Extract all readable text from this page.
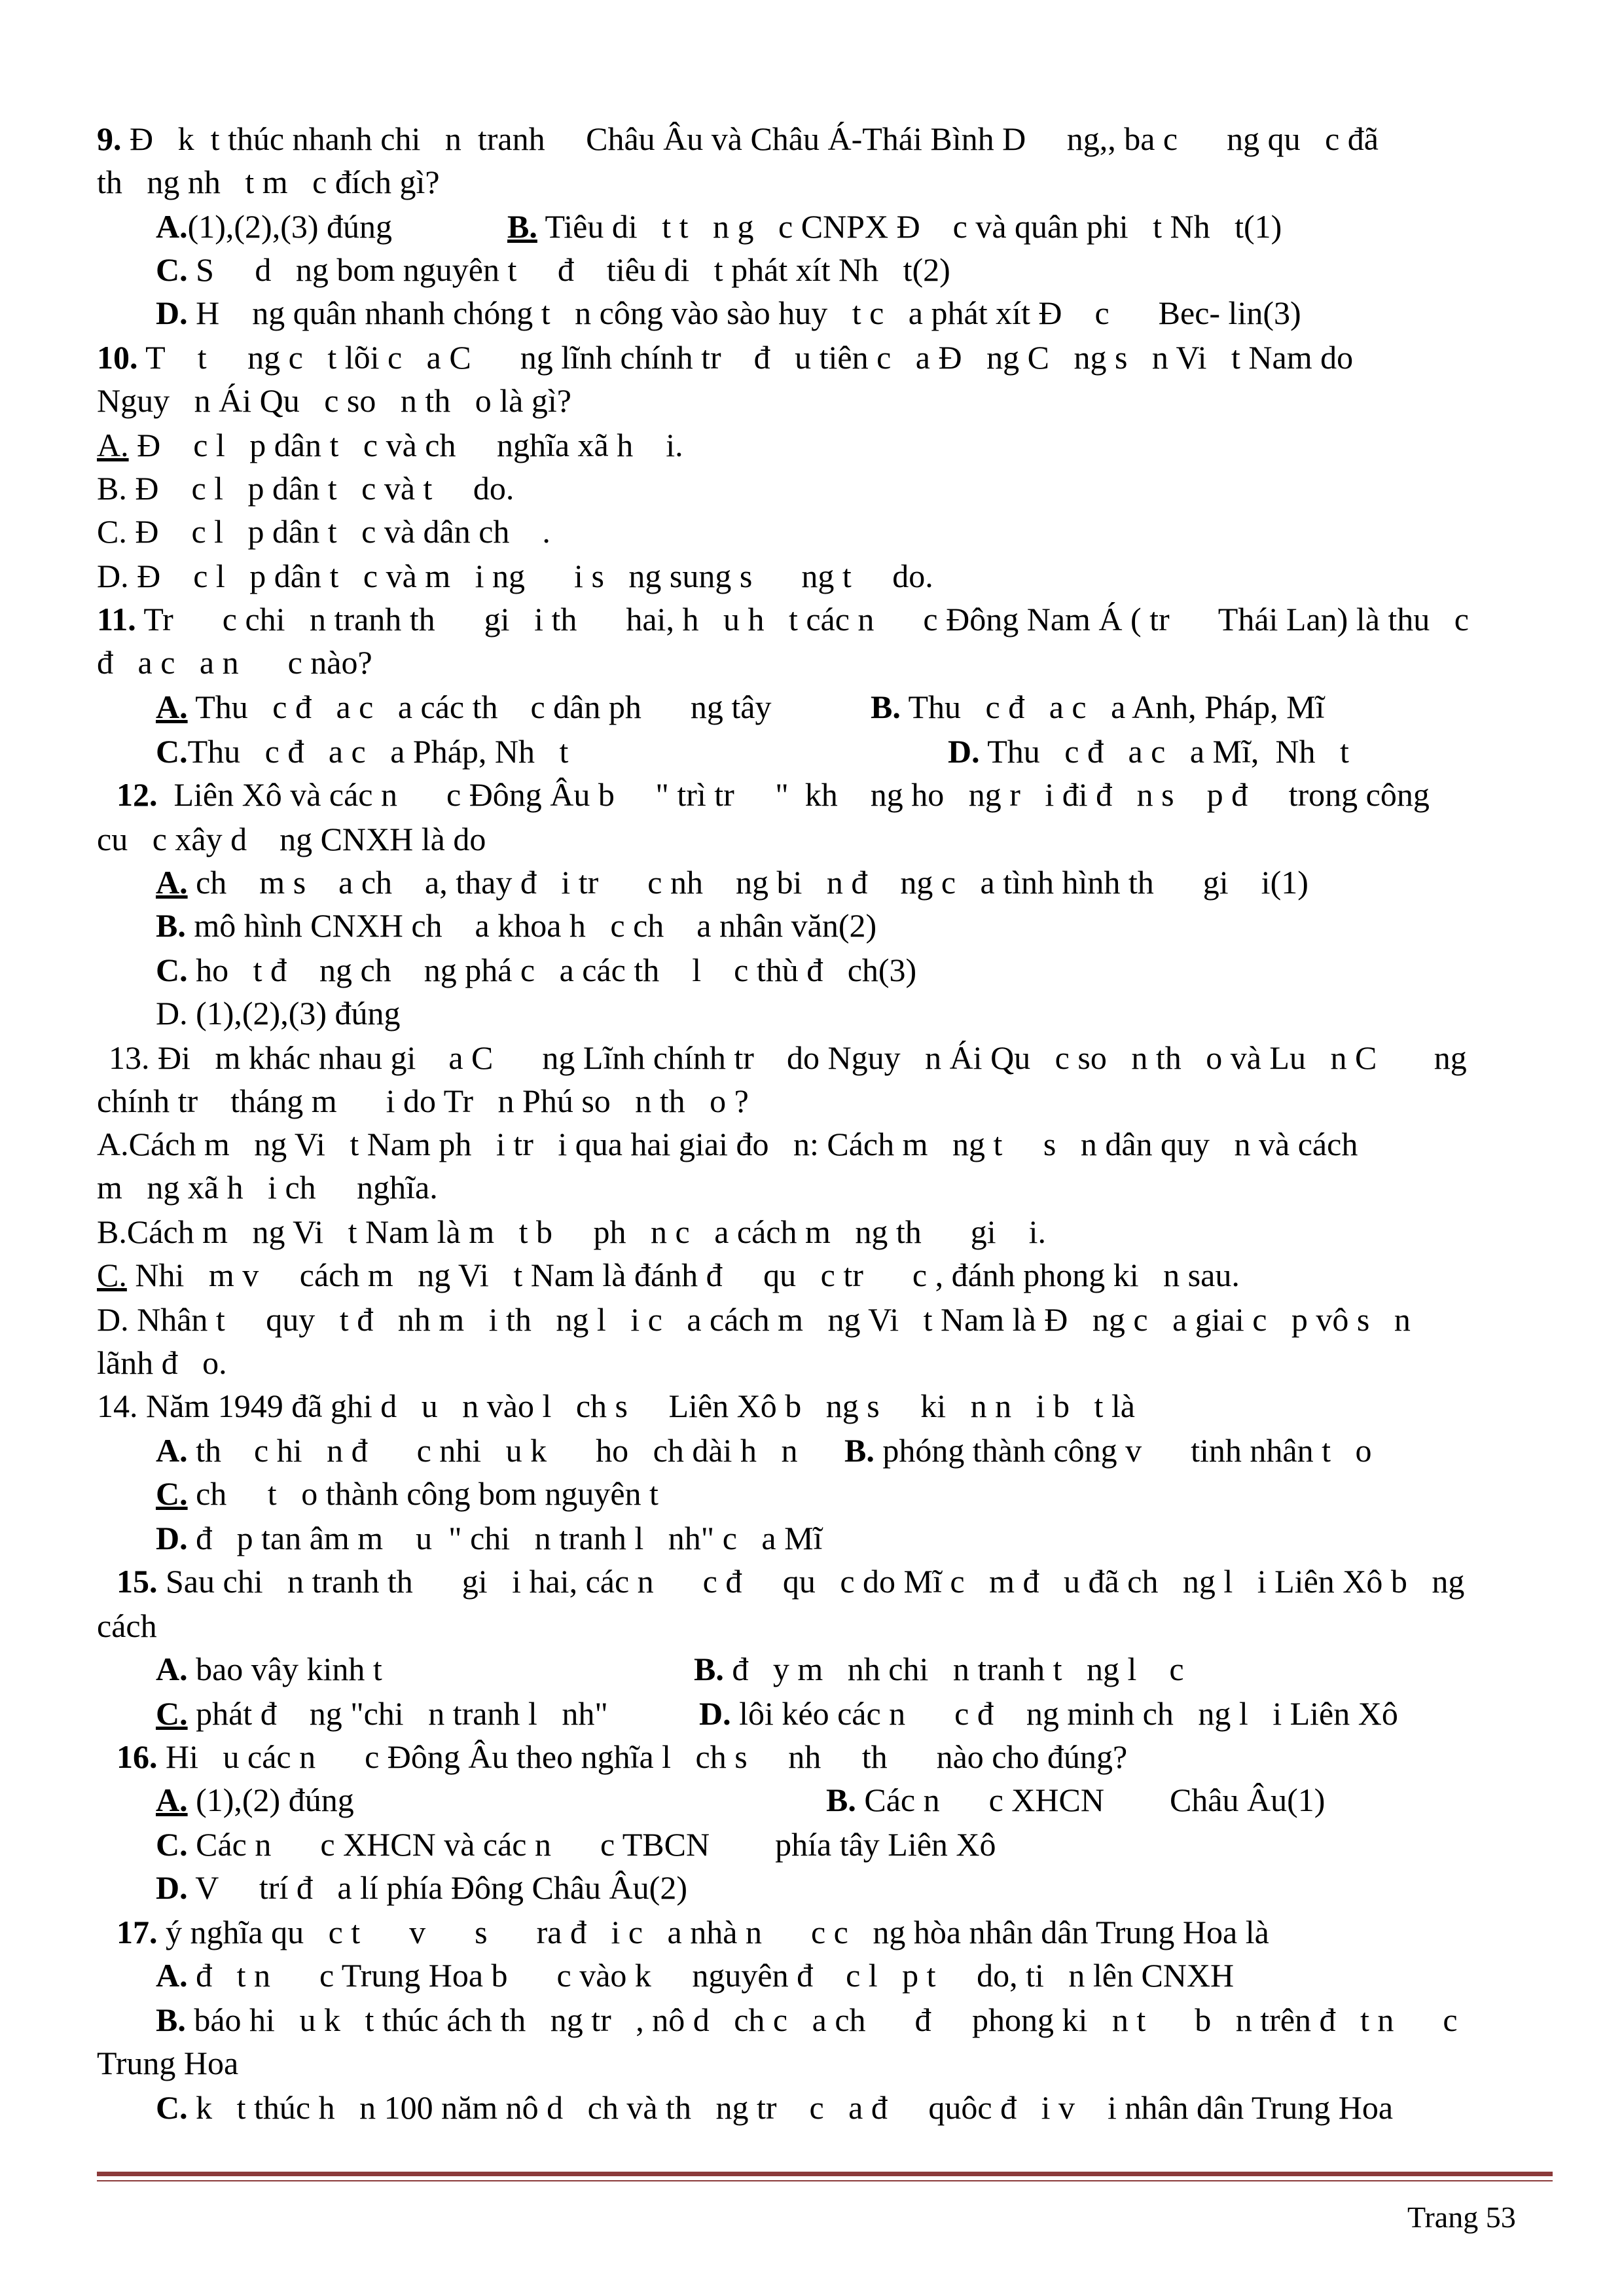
9. Đ   k  t thúc nhanh chi   n  tranh     Châu Âu và Châu Á-Thái Bình D     ng,, ba c      ng qu   c đã
th   ng nh   t m   c đích gì?
A.(1),(2),(3) đúng	B. Tiêu di   t t   n g   c CNPX Đ    c và quân phi   t Nh   t(1)
C. S     d   ng bom nguyên t     đ    tiêu di   t phát xít Nh   t(2)
D. H    ng quân nhanh chóng t   n công vào sào huy   t c   a phát xít Đ    c      Bec- lin(3)
10. T    t     ng c   t lõi c   a C      ng lĩnh chính tr    đ   u tiên c   a Đ   ng C   ng s   n Vi   t Nam do
Nguy   n Ái Qu   c so   n th   o là gì?
A. Đ    c l   p dân t   c và ch     nghĩa xã h    i.
B. Đ    c l   p dân t   c và t     do.
C. Đ    c l   p dân t   c và dân ch    .
D. Đ    c l   p dân t   c và m   i ng      i s   ng sung s      ng t     do.
11. Tr      c chi   n tranh th      gi   i th      hai, h   u h   t các n      c Đông Nam Á ( tr      Thái Lan) là thu   c
đ   a c   a n      c nào?
A. Thu   c đ   a c   a các th    c dân ph      ng tây	B. Thu   c đ   a c   a Anh, Pháp, Mĩ
C.Thu   c đ   a c   a Pháp, Nh   t	D. Thu   c đ   a c   a Mĩ,  Nh   t
12.  Liên Xô và các n      c Đông Âu b     " trì tr     "  kh    ng ho   ng r   i đi đ   n s    p đ     trong công
cu   c xây d    ng CNXH là do
A. ch    m s    a ch    a, thay đ   i tr      c nh    ng bi   n đ    ng c   a tình hình th      gi    i(1)
B. mô hình CNXH ch    a khoa h   c ch    a nhân văn(2)
C. ho   t đ    ng ch    ng phá c   a các th    l    c thù đ   ch(3)
D. (1),(2),(3) đúng
13. Đi   m khác nhau gi    a C      ng Lĩnh chính tr    do Nguy   n Ái Qu   c so   n th   o và Lu   n C       ng
chính tr    tháng m      i do Tr   n Phú so   n th   o ?
A.Cách m   ng Vi   t Nam ph   i tr   i qua hai giai đo   n: Cách m   ng t     s   n dân quy   n và cách
m   ng xã h   i ch     nghĩa.
B.Cách m   ng Vi   t Nam là m   t b     ph   n c   a cách m   ng th      gi    i.
C. Nhi   m v     cách m   ng Vi   t Nam là đánh đ     qu   c tr      c , đánh phong ki   n sau.
D. Nhân t     quy   t đ   nh m   i th   ng l   i c   a cách m   ng Vi   t Nam là Đ   ng c   a giai c   p vô s   n
lãnh đ   o.
14. Năm 1949 đã ghi d   u   n vào l   ch s     Liên Xô b   ng s     ki   n n   i b   t là
A. th    c hi   n đ      c nhi   u k      ho   ch dài h   n B. phóng thành công v      tinh nhân t   o
C. ch     t   o thành công bom nguyên t
D. đ   p tan âm m    u  " chi   n tranh l   nh" c   a Mĩ
15. Sau chi   n tranh th      gi   i hai, các n      c đ     qu   c do Mĩ c   m đ   u đã ch   ng l   i Liên Xô b   ng
cách
A. bao vây kinh t	B. đ   y m   nh chi   n tranh t   ng l    c
C. phát đ    ng "chi   n tranh l   nh"	D. lôi kéo các n      c đ    ng minh ch   ng l   i Liên Xô
16. Hi   u các n      c Đông Âu theo nghĩa l   ch s     nh     th      nào cho đúng?
A. (1),(2) đúng	B. Các n      c XHCN        Châu Âu(1)
C. Các n      c XHCN và các n      c TBCN        phía tây Liên Xô
D. V     trí đ   a lí phía Đông Châu Âu(2)
17. ý nghĩa qu   c t      v      s      ra đ   i c   a nhà n      c c   ng hòa nhân dân Trung Hoa là
A. đ   t n      c Trung Hoa b      c vào k     nguyên đ    c l   p t     do, ti   n lên CNXH
B. báo hi   u k   t thúc ách th   ng tr   , nô d   ch c   a ch      đ     phong ki   n t      b   n trên đ   t n      c
Trung Hoa
C. k   t thúc h   n 100 năm nô d   ch và th   ng tr    c   a đ     quôc đ   i v    i nhân dân Trung Hoa
Trang 53
